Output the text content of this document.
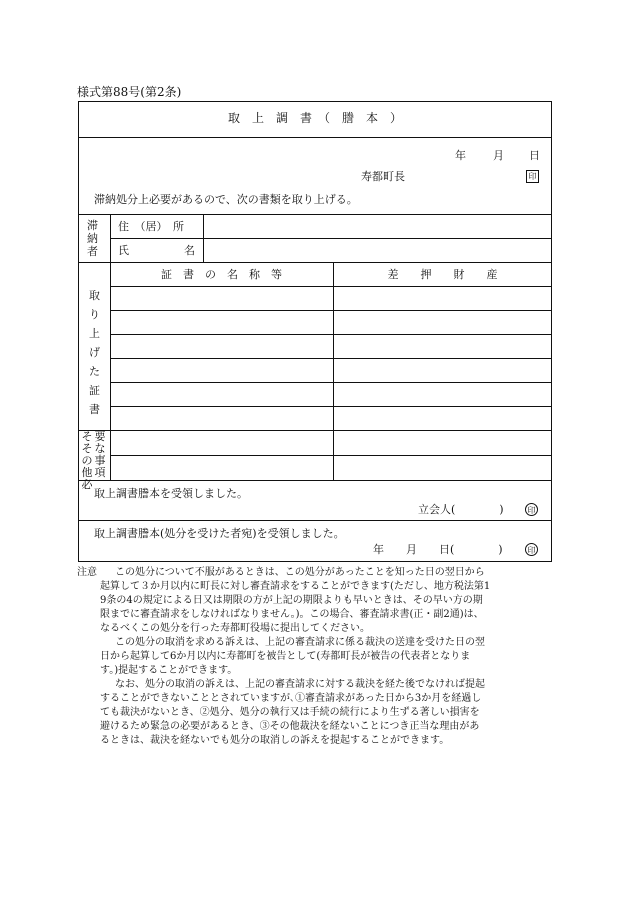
様式第88号(第2条)
取　上　調　書　（　謄　本　）
年 月 日
寿都町長	印
滞納処分上必要があるので、次の書類を取り上げる。
滞納者
住　（居）　所
氏　　　　　名
取り上げた証書
証　書　の　名　称　等	差　　押　　財　　産
そその他必
要な事項
取上調書謄本を受領しました。
立会人(　　　　)	印
取上調書謄本(処分を受けた者宛)を受領しました。
年　　月　　日(　　　　)	印
注意 この処分について不服があるときは、この処分があったことを知った日の翌日から
起算して３か月以内に町長に対し審査請求をすることができます(ただし、地方税法第1
9条の4の規定による日又は期限の方が上記の期限よりも早いときは、その早い方の期
限までに審査請求をしなければなりません。)。この場合、審査請求書(正・副2通)は、
なるべくこの処分を行った寿都町役場に提出してください。
この処分の取消を求める訴えは、上記の審査請求に係る裁決の送達を受けた日の翌
日から起算して6か月以内に寿都町を被告として(寿都町長が被告の代表者となりま
す。)提起することができます。
なお、処分の取消の訴えは、上記の審査請求に対する裁決を経た後でなければ提起
することができないこととされていますが､①審査請求があった日から3か月を経過し
ても裁決がないとき、②処分、処分の執行又は手続の続行により生ずる著しい損害を
避けるため緊急の必要があるとき、③その他裁決を経ないことにつき正当な理由があ
るときは、裁決を経ないでも処分の取消しの訴えを提起することができます。
